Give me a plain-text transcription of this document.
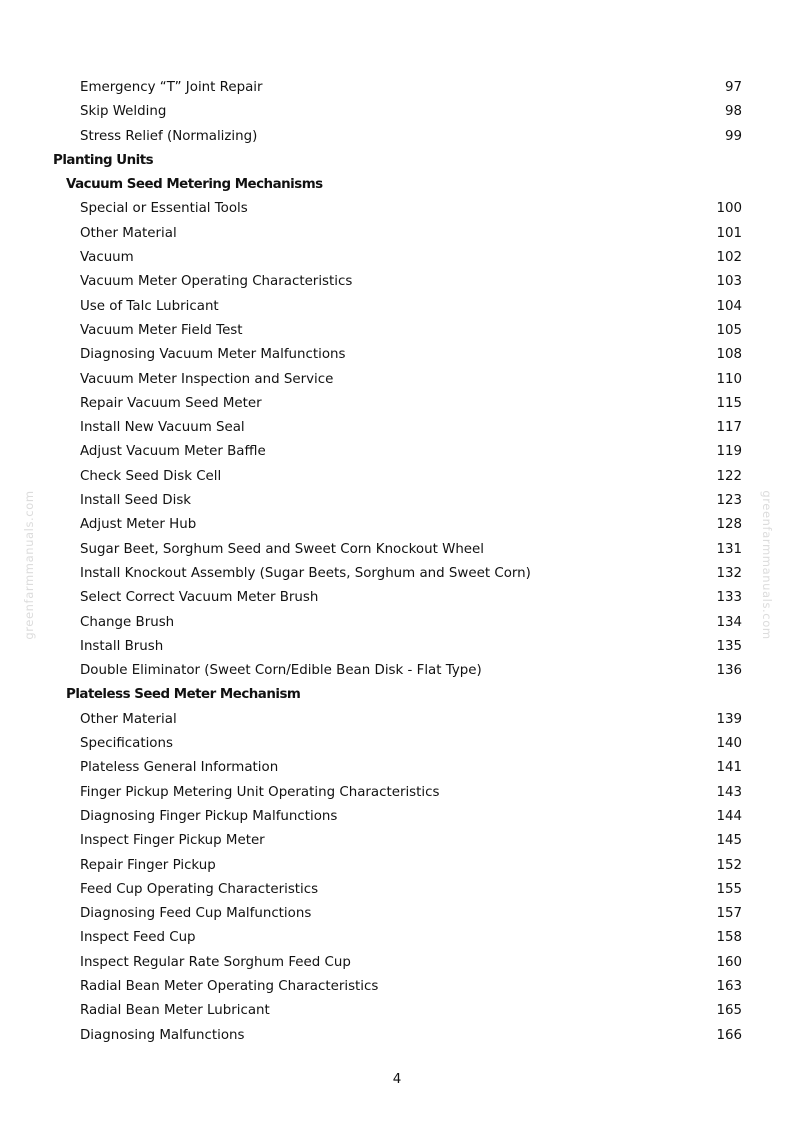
greenfarmmanuals.com	greenfarmmanuals.com
Emergency “T” Joint Repair	97
Skip Welding	98
Stress Relief (Normalizing)	99
Planting Units
Vacuum Seed Metering Mechanisms
Special or Essential Tools	100
Other Material	101
Vacuum	102
Vacuum Meter Operating Characteristics	103
Use of Talc Lubricant	104
Vacuum Meter Field Test	105
Diagnosing Vacuum Meter Malfunctions	108
Vacuum Meter Inspection and Service	110
Repair Vacuum Seed Meter	115
Install New Vacuum Seal	117
Adjust Vacuum Meter Baffle	119
Check Seed Disk Cell	122
Install Seed Disk	123
Adjust Meter Hub	128
Sugar Beet, Sorghum Seed and Sweet Corn Knockout Wheel	131
Install Knockout Assembly (Sugar Beets, Sorghum and Sweet Corn)	132
Select Correct Vacuum Meter Brush	133
Change Brush	134
Install Brush	135
Double Eliminator (Sweet Corn/Edible Bean Disk - Flat Type)	136
Plateless Seed Meter Mechanism
Other Material	139
Specifications	140
Plateless General Information	141
Finger Pickup Metering Unit Operating Characteristics	143
Diagnosing Finger Pickup Malfunctions	144
Inspect Finger Pickup Meter	145
Repair Finger Pickup	152
Feed Cup Operating Characteristics	155
Diagnosing Feed Cup Malfunctions	157
Inspect Feed Cup	158
Inspect Regular Rate Sorghum Feed Cup	160
Radial Bean Meter Operating Characteristics	163
Radial Bean Meter Lubricant	165
Diagnosing Malfunctions	166
4
